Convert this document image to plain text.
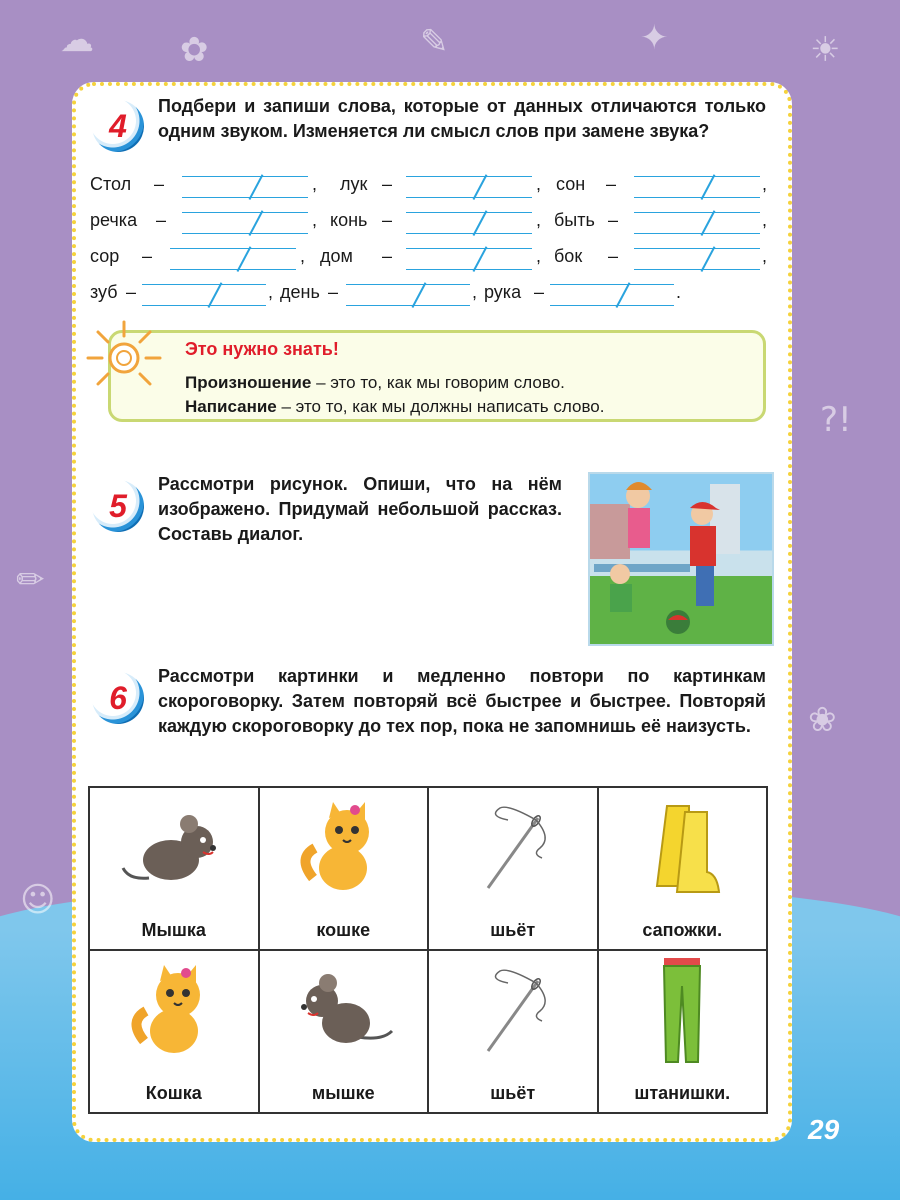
☁	✿	✎	✦	☀
?!
✏
❀
☺
4
Подбери и запиши слова, которые от данных отличаются только одним звуком. Изменяется ли смысл слов при замене звука?
Стол –	, лук –	, сон –	,
речка –	, конь –	, быть –	,
сор –	, дом –	, бок –	,
зуб –	, день –	, рука –	.
Это нужно знать!
Произношение – это то, как мы говорим слово.
Написание – это то, как мы должны написать слово.
5
Рассмотри рисунок. Опиши, что на нём изображено. Придумай небольшой рассказ. Составь диалог.
6
Рассмотри картинки и медленно повтори по картинкам скороговорку. Затем повторяй всё быстрее и быстрее. Повторяй каждую скороговорку до тех пор, пока не запомнишь её наизусть.
Мышка	кошке	шьёт	сапожки.

Кошка	мышке	шьёт	штанишки.
29
